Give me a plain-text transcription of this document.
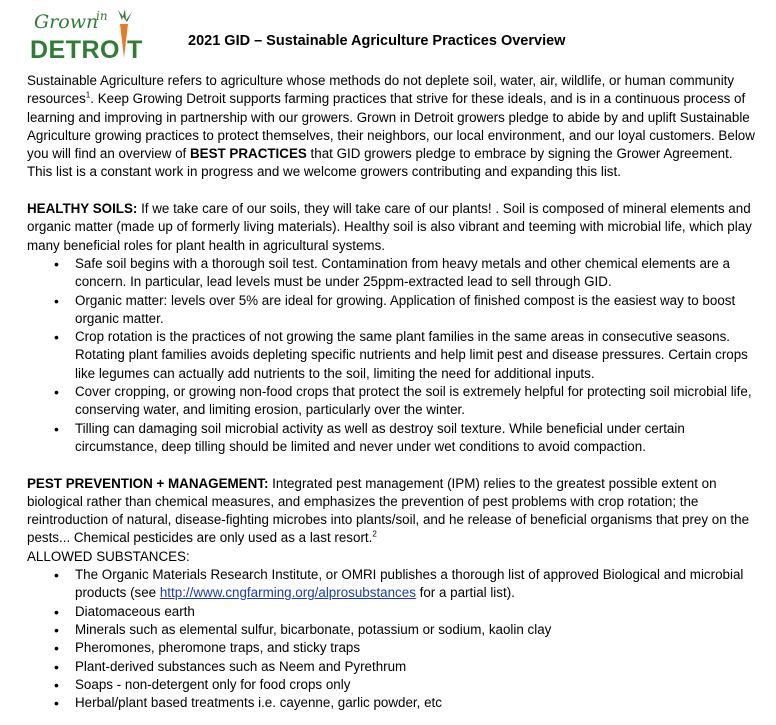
Grown
in
DETRO T	2021 GID – Sustainable Agriculture Practices Overview

Sustainable Agriculture refers to agriculture whose methods do not deplete soil, water, air, wildlife, or human community resources$^1$. Keep Growing Detroit supports farming practices that strive for these ideals, and is in a continuous process of learning and improving in partnership with our growers. Grown in Detroit growers pledge to abide by and uplift Sustainable Agriculture growing practices to protect themselves, their neighbors, our local environment, and our loyal customers. Below you will find an overview of BEST PRACTICES that GID growers pledge to embrace by signing the Grower Agreement. This list is a constant work in progress and we welcome growers contributing and expanding this list.

HEALTHY SOILS: If we take care of our soils, they will take care of our plants! . Soil is composed of mineral elements and organic matter (made up of formerly living materials). Healthy soil is also vibrant and teeming with microbial life, which play many beneficial roles for plant health in agricultural systems.

• Safe soil begins with a thorough soil test. Contamination from heavy metals and other chemical elements are a concern. In particular, lead levels must be under 25ppm-extracted lead to sell through GID.
• Organic matter: levels over 5% are ideal for growing. Application of finished compost is the easiest way to boost organic matter.
• Crop rotation is the practices of not growing the same plant families in the same areas in consecutive seasons. Rotating plant families avoids depleting specific nutrients and help limit pest and disease pressures. Certain crops like legumes can actually add nutrients to the soil, limiting the need for additional inputs.
• Cover cropping, or growing non-food crops that protect the soil is extremely helpful for protecting soil microbial life, conserving water, and limiting erosion, particularly over the winter.
• Tilling can damaging soil microbial activity as well as destroy soil texture. While beneficial under certain circumstance, deep tilling should be limited and never under wet conditions to avoid compaction.

PEST PREVENTION + MANAGEMENT: Integrated pest management (IPM) relies to the greatest possible extent on biological rather than chemical measures, and emphasizes the prevention of pest problems with crop rotation; the reintroduction of natural, disease-fighting microbes into plants/soil, and he release of beneficial organisms that prey on the pests... Chemical pesticides are only used as a last resort.$^2$

ALLOWED SUBSTANCES:

• The Organic Materials Research Institute, or OMRI publishes a thorough list of approved Biological and microbial products (see http://www.cngfarming.org/alprosubstances for a partial list).
• Diatomaceous earth
• Minerals such as elemental sulfur, bicarbonate, potassium or sodium, kaolin clay
• Pheromones, pheromone traps, and sticky traps
• Plant-derived substances such as Neem and Pyrethrum
• Soaps - non-detergent only for food crops only
• Herbal/plant based treatments i.e. cayenne, garlic powder, etc
